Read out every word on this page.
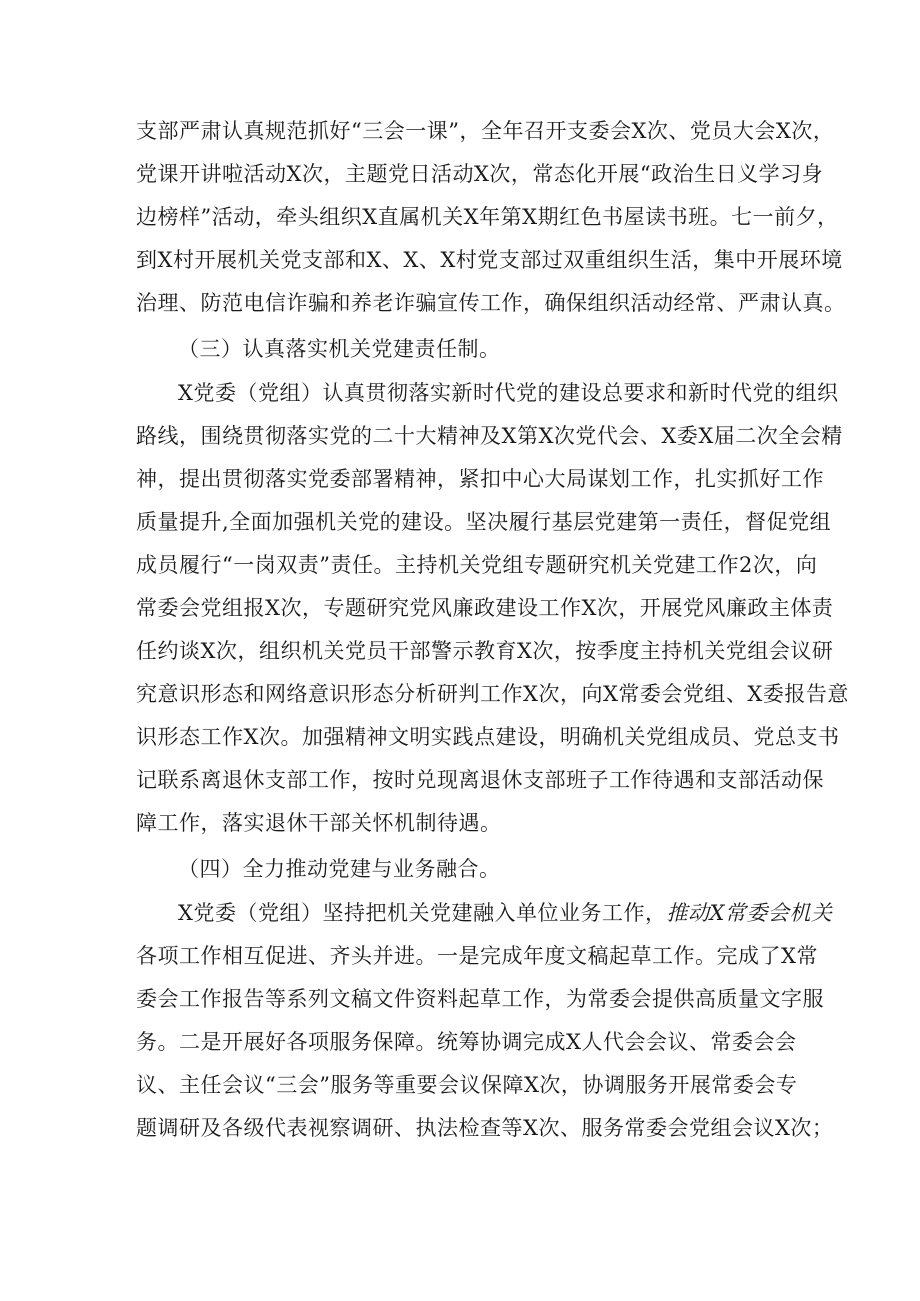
支部严肃认真规范抓好“三会一课”，全年召开支委会X次、党员大会X次，
党课开讲啦活动X次，主题党日活动X次，常态化开展“政治生日义学习身
边榜样”活动，牵头组织X直属机关X年第X期红色书屋读书班。七一前夕，
到X村开展机关党支部和X、X、X村党支部过双重组织生活，集中开展环境
治理、防范电信诈骗和养老诈骗宣传工作，确保组织活动经常、严肃认真。
（三）认真落实机关党建责任制。
X党委（党组）认真贯彻落实新时代党的建设总要求和新时代党的组织
路线，围绕贯彻落实党的二十大精神及X第X次党代会、X委X届二次全会精
神，提出贯彻落实党委部署精神，紧扣中心大局谋划工作，扎实抓好工作
质量提升,全面加强机关党的建设。坚决履行基层党建第一责任，督促党组
成员履行“一岗双责”责任。主持机关党组专题研究机关党建工作2次，向
常委会党组报X次，专题研究党风廉政建设工作X次，开展党风廉政主体责
任约谈X次，组织机关党员干部警示教育X次，按季度主持机关党组会议研
究意识形态和网络意识形态分析研判工作X次，向X常委会党组、X委报告意
识形态工作X次。加强精神文明实践点建设，明确机关党组成员、党总支书
记联系离退休支部工作，按时兑现离退休支部班子工作待遇和支部活动保
障工作，落实退休干部关怀机制待遇。
（四）全力推动党建与业务融合。
X党委（党组）坚持把机关党建融入单位业务工作，推动X常委会机关
各项工作相互促进、齐头并进。一是完成年度文稿起草工作。完成了X常
委会工作报告等系列文稿文件资料起草工作，为常委会提供高质量文字服
务。二是开展好各项服务保障。统筹协调完成X人代会会议、常委会会
议、主任会议“三会”服务等重要会议保障X次，协调服务开展常委会专
题调研及各级代表视察调研、执法检查等X次、服务常委会党组会议X次；
